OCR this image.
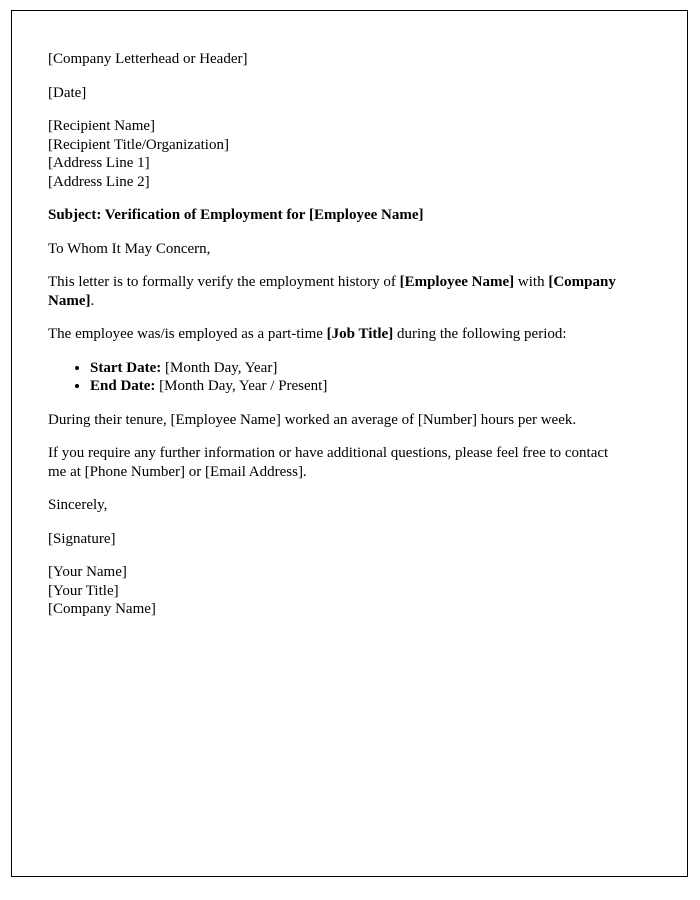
[Company Letterhead or Header]

[Date]

[Recipient Name]
[Recipient Title/Organization]
[Address Line 1]
[Address Line 2]

Subject: Verification of Employment for [Employee Name]

To Whom It May Concern,

This letter is to formally verify the employment history of [Employee Name] with [Company Name].

The employee was/is employed as a part-time [Job Title] during the following period:

• Start Date: [Month Day, Year]
• End Date: [Month Day, Year / Present]

During their tenure, [Employee Name] worked an average of [Number] hours per week.

If you require any further information or have additional questions, please feel free to contact me at [Phone Number] or [Email Address].

Sincerely,

[Signature]

[Your Name]
[Your Title]
[Company Name]
